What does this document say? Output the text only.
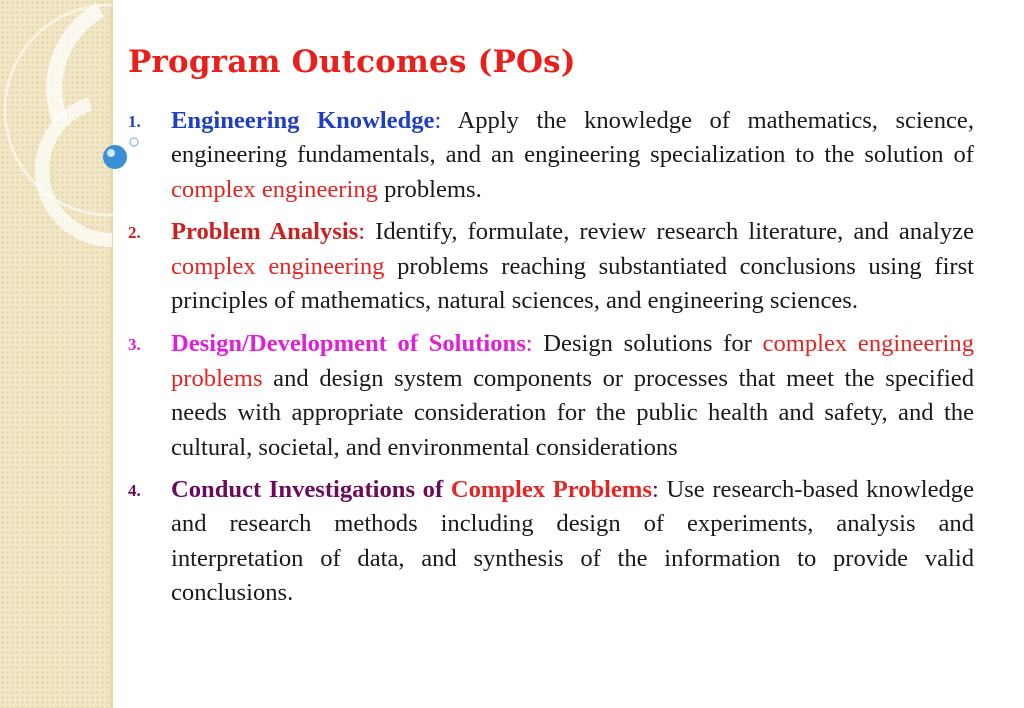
Program Outcomes (POs)
1.	Engineering Knowledge: Apply the knowledge of mathematics, science, engineering fundamentals, and an engineering specialization to the solution of complex engineering problems.
2.	Problem Analysis: Identify, formulate, review research literature, and analyze complex engineering problems reaching substantiated conclusions using first principles of mathematics, natural sciences, and engineering sciences.
3.	Design/Development of Solutions: Design solutions for complex engineering problems and design system components or processes that meet the specified needs with appropriate consideration for the public health and safety, and the cultural, societal, and environmental considerations
4.	Conduct Investigations of Complex Problems: Use research-based knowledge and research methods including design of experiments, analysis and interpretation of data, and synthesis of the information to provide valid conclusions.
